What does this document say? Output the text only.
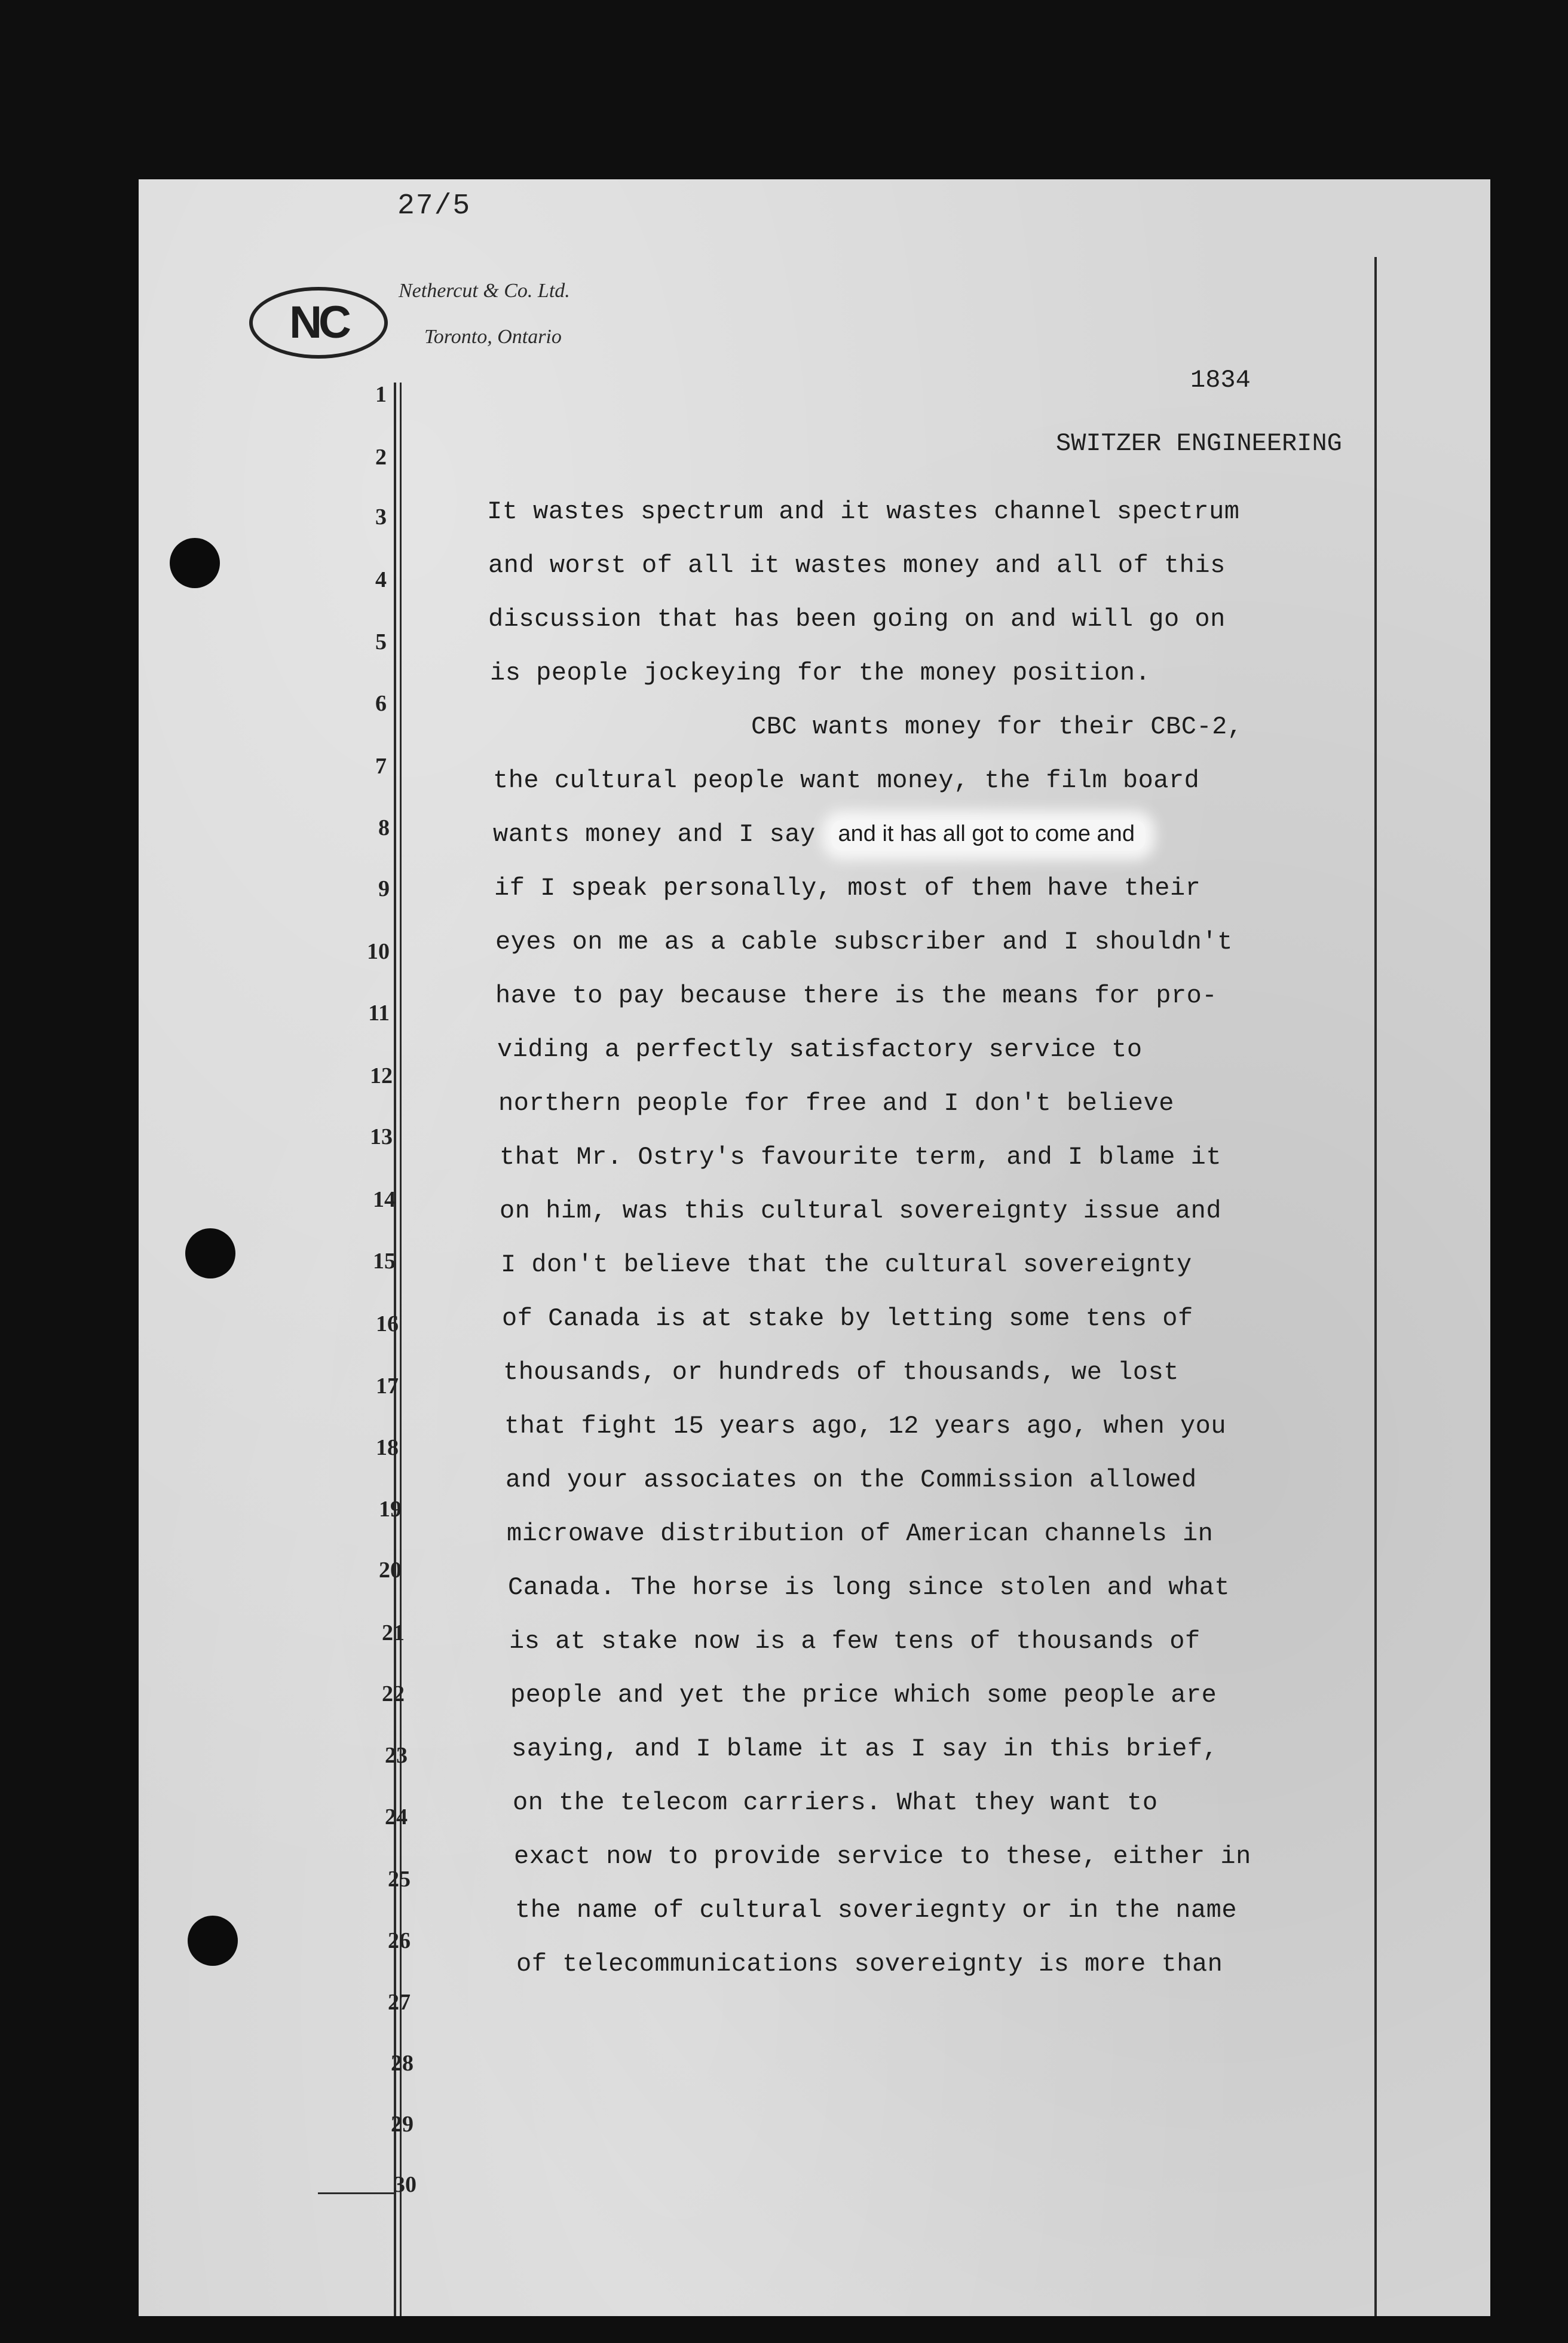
27/5
NC
Nethercut & Co. Ltd.
Toronto, Ontario
1834
SWITZER ENGINEERING
1
2
3
4
5
6
7
8
9
10
11
12
13
14
15
16
17
18
19
20
21
22
23
24
25
26
27
28
29
30
It wastes spectrum and it wastes channel spectrum
and worst of all it wastes money and all of this
discussion that has been going on and will go on
is people jockeying for the money position.
CBC wants money for their CBC-2,
the cultural people want money, the film board
wants money and I say and it has all got to come and
if I speak personally, most of them have their
eyes on me as a cable subscriber and I shouldn't
have to pay because there is the means for pro-
viding a perfectly satisfactory service to
northern people for free and I don't believe
that Mr. Ostry's favourite term, and I blame it
on him, was this cultural sovereignty issue and
I don't believe that the cultural sovereignty
of Canada is at stake by letting some tens of
thousands, or hundreds of thousands, we lost
that fight 15 years ago, 12 years ago, when you
and your associates on the Commission allowed
microwave distribution of American channels in
Canada. The horse is long since stolen and what
is at stake now is a few tens of thousands of
people and yet the price which some people are
saying, and I blame it as I say in this brief,
on the telecom carriers. What they want to
exact now to provide service to these, either in
the name of cultural soveriegnty or in the name
of telecommunications sovereignty is more than
